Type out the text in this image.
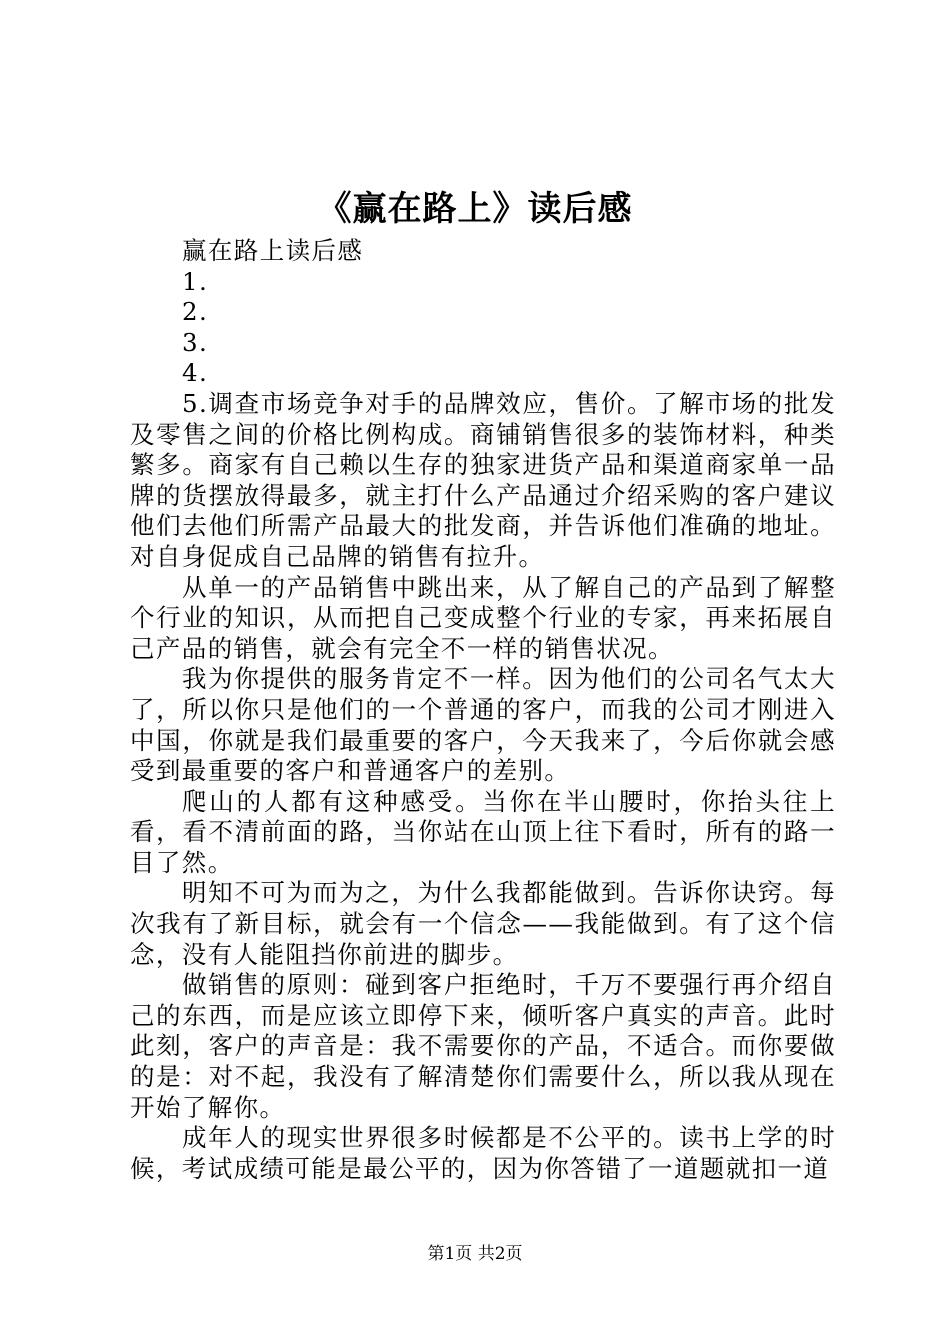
《赢在路上》读后感

赢在路上读后感

1.

2.

3.

4.

5.调查市场竞争对手的品牌效应，售价。了解市场的批发及零售之间的价格比例构成。商铺销售很多的装饰材料，种类繁多。商家有自己赖以生存的独家进货产品和渠道商家单一品牌的货摆放得最多，就主打什么产品通过介绍采购的客户建议他们去他们所需产品最大的批发商，并告诉他们准确的地址。对自身促成自己品牌的销售有拉升。

从单一的产品销售中跳出来，从了解自己的产品到了解整个行业的知识，从而把自己变成整个行业的专家，再来拓展自己产品的销售，就会有完全不一样的销售状况。

我为你提供的服务肯定不一样。因为他们的公司名气太大了，所以你只是他们的一个普通的客户，而我的公司才刚进入中国，你就是我们最重要的客户，今天我来了，今后你就会感受到最重要的客户和普通客户的差别。

爬山的人都有这种感受。当你在半山腰时，你抬头往上看，看不清前面的路，当你站在山顶上往下看时，所有的路一目了然。

明知不可为而为之，为什么我都能做到。告诉你诀窍。每次我有了新目标，就会有一个信念——我能做到。有了这个信念，没有人能阻挡你前进的脚步。

做销售的原则：碰到客户拒绝时，千万不要强行再介绍自己的东西，而是应该立即停下来，倾听客户真实的声音。此时此刻，客户的声音是：我不需要你的产品，不适合。而你要做的是：对不起，我没有了解清楚你们需要什么，所以我从现在开始了解你。

成年人的现实世界很多时候都是不公平的。读书上学的时候，考试成绩可能是最公平的，因为你答错了一道题就扣一道

第1页 共2页
